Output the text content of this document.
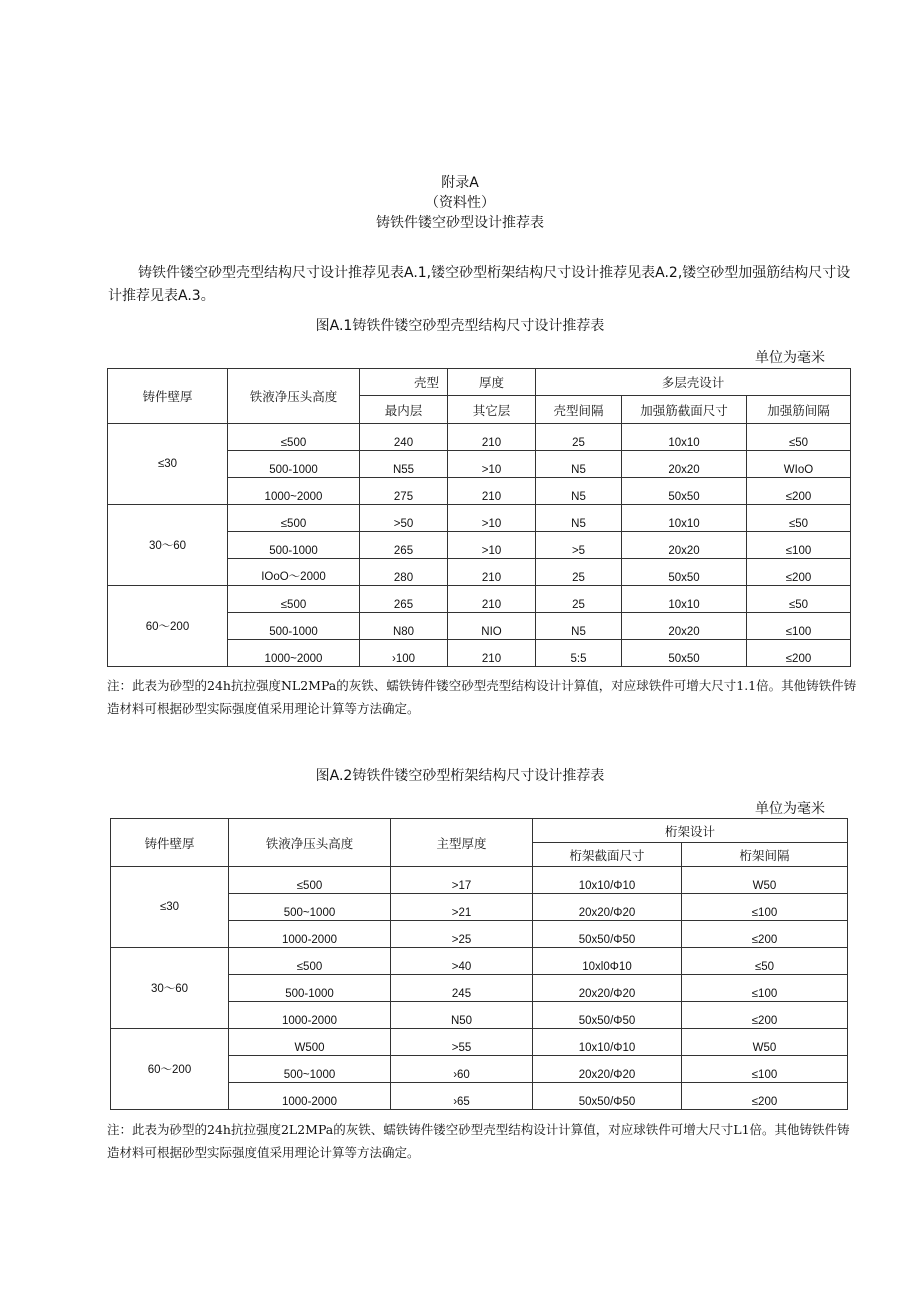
附录A
（资料性）
铸铁件镂空砂型设计推荐表
铸铁件镂空砂型壳型结构尺寸设计推荐见表A.1,镂空砂型桁架结构尺寸设计推荐见表A.2,镂空砂型加强筋结构尺寸设计推荐见表A.3。
图A.1铸铁件镂空砂型壳型结构尺寸设计推荐表
单位为毫米
铸件壁厚	铁液净压头高度	壳型	厚度	多层壳设计		
		最内层	其它层	壳型间隔	加强筋截面尺寸	加强筋间隔
≤30	≤500	240	210	25	10x10	≤50
	500-1000	N55	>10	N5	20x20	WIoO
	1000~2000	275	210	N5	50x50	≤200
30～60	≤500	>50	>10	N5	10x10	≤50
	500-1000	265	>10	>5	20x20	≤100
	IOoO～2000	280	210	25	50x50	≤200
60～200	≤500	265	210	25	10x10	≤50
	500-1000	N80	NIO	N5	20x20	≤100
	1000~2000	›100	210	5:5	50x50	≤200
注：此表为砂型的24h抗拉强度NL2MPa的灰铁、蠕铁铸件镂空砂型壳型结构设计计算值，对应球铁件可增大尺寸1.1倍。其他铸铁件铸造材料可根据砂型实际强度值采用理论计算等方法确定。
图A.2铸铁件镂空砂型桁架结构尺寸设计推荐表
单位为毫米
铸件壁厚	铁液净压头高度	主型厚度	桁架设计	
			桁架截面尺寸	桁架间隔
≤30	≤500	>17	10x10/Φ10	W50
	500~1000	>21	20x20/Φ20	≤100
	1000-2000	>25	50x50/Φ50	≤200
30～60	≤500	>40	10xl0Φ10	≤50
	500-1000	245	20x20/Φ20	≤100
	1000-2000	N50	50x50/Φ50	≤200
60～200	W500	>55	10x10/Φ10	W50
	500~1000	›60	20x20/Φ20	≤100
	1000-2000	›65	50x50/Φ50	≤200
注：此表为砂型的24h抗拉强度2L2MPa的灰铁、蠕铁铸件镂空砂型壳型结构设计计算值，对应球铁件可增大尺寸L1倍。其他铸铁件铸造材料可根据砂型实际强度值采用理论计算等方法确定。
